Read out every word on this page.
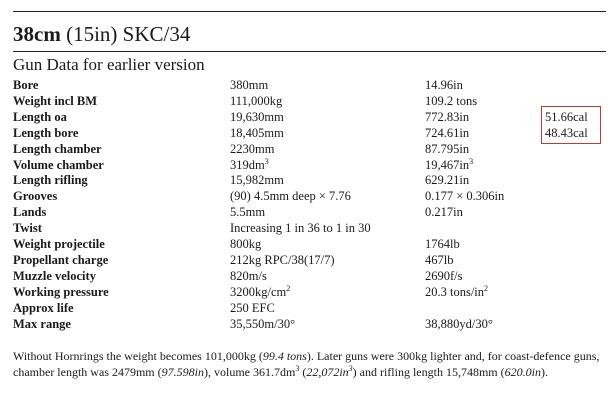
38cm (15in) SKC/34
Gun Data for earlier version
Bore	380mm	14.96in	
Weight incl BM	111,000kg	109.2 tons	
Length oa	19,630mm	772.83in	51.66cal
Length bore	18,405mm	724.61in	48.43cal
Length chamber	2230mm	87.795in	
Volume chamber	$319dm^3$	$19,467in^3$	
Length rifling	15,982mm	629.21in	
Grooves	(90) 4.5mm deep × 7.76	0.177 × 0.306in	
Lands	5.5mm	0.217in	
Twist	Increasing 1 in 36 to 1 in 30		
Weight projectile	800kg	1764lb	
Propellant charge	212kg RPC/38(17/7)	467lb	
Muzzle velocity	820m/s	2690f/s	
Working pressure	$3200kg/cm^2$	20.3 tons/$in^2$	
Approx life	250 EFC		
Max range	35,550m/30°	38,880yd/30°	
Without Hornrings the weight becomes 101,000kg (99.4 tons). Later guns were 300kg lighter and, for coast-defence guns, chamber length was 2479mm (97.598in), volume $361.7dm^3$ $(22,072in^3)$ and rifling length 15,748mm (620.0in).
